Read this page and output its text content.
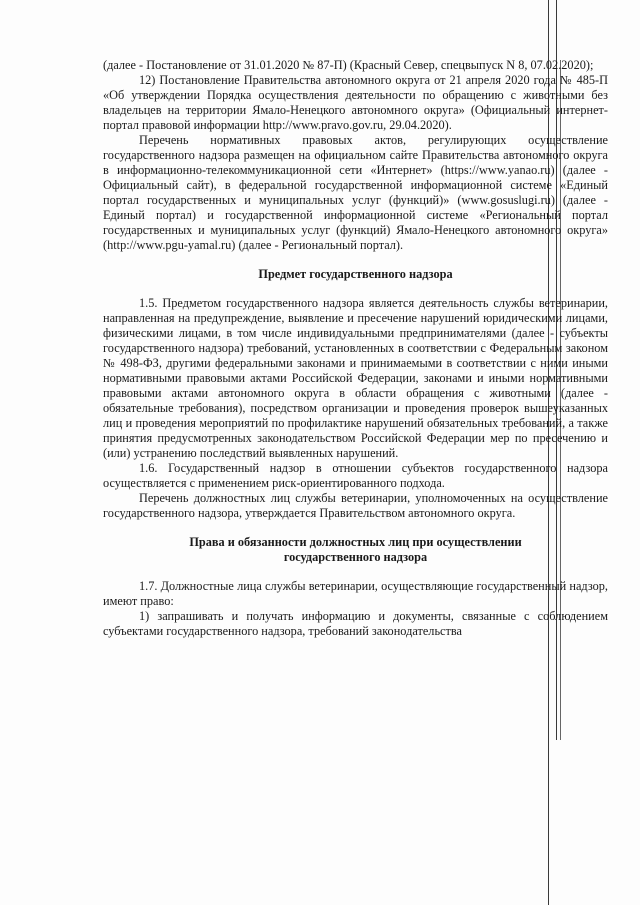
(далее - Постановление от 31.01.2020 № 87-П) (Красный Север, спецвыпуск N 8, 07.02.2020);

12) Постановление Правительства автономного округа от 21 апреля 2020 года № 485-П «Об утверждении Порядка осуществления деятельности по обращению с животными без владельцев на территории Ямало-Ненецкого автономного округа» (Официальный интернет-портал правовой информации http://www.pravo.gov.ru, 29.04.2020).

Перечень нормативных правовых актов, регулирующих осуществление государственного надзора размещен на официальном сайте Правительства автономного округа в информационно-телекоммуникационной сети «Интернет» (https://www.yanao.ru) (далее - Официальный сайт), в федеральной государственной информационной системе «Единый портал государственных и муниципальных услуг (функций)» (www.gosuslugi.ru) (далее - Единый портал) и государственной информационной системе «Региональный портал государственных и муниципальных услуг (функций) Ямало-Ненецкого автономного округа» (http://www.pgu-yamal.ru) (далее - Региональный портал).

Предмет государственного надзора

1.5. Предметом государственного надзора является деятельность службы ветеринарии, направленная на предупреждение, выявление и пресечение нарушений юридическими лицами, физическими лицами, в том числе индивидуальными предпринимателями (далее - субъекты государственного надзора) требований, установленных в соответствии с Федеральным законом № 498-ФЗ, другими федеральными законами и принимаемыми в соответствии с ними иными нормативными правовыми актами Российской Федерации, законами и иными нормативными правовыми актами автономного округа в области обращения с животными (далее - обязательные требования), посредством организации и проведения проверок вышеуказанных лиц и проведения мероприятий по профилактике нарушений обязательных требований, а также принятия предусмотренных законодательством Российской Федерации мер по пресечению и (или) устранению последствий выявленных нарушений.

1.6. Государственный надзор в отношении субъектов государственного надзора осуществляется с применением риск-ориентированного подхода.

Перечень должностных лиц службы ветеринарии, уполномоченных на осуществление государственного надзора, утверждается Правительством автономного округа.

Права и обязанности должностных лиц при осуществлении
государственного надзора

1.7. Должностные лица службы ветеринарии, осуществляющие государственный надзор, имеют право:

1) запрашивать и получать информацию и документы, связанные с соблюдением субъектами государственного надзора, требований законодательства
